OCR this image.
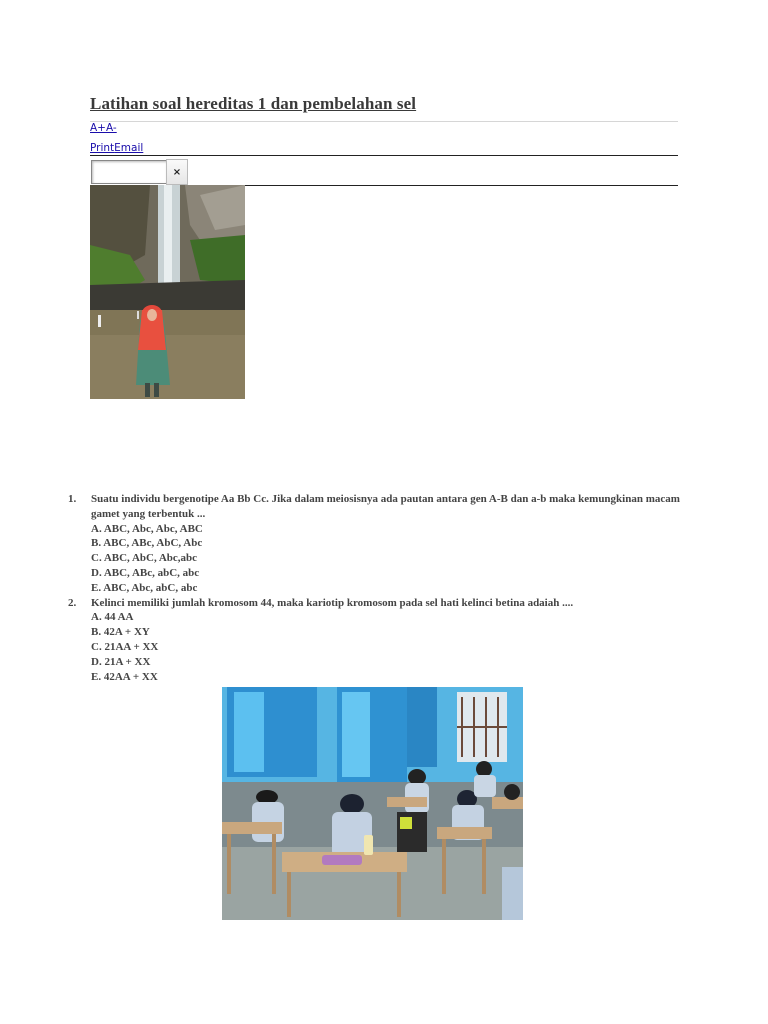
Latihan soal hereditas 1 dan pembelahan sel
A+A-
PrintEmail
×
1.	Suatu individu bergenotipe Aa Bb Cc. Jika dalam meiosisnya ada pautan antara gen A-B dan a-b maka kemungkinan macam gamet yang terbentuk ...
A. ABC, Abc, Abc, ABC
B. ABC, ABc, AbC, Abc
C. ABC, AbC, Abc,abc
D. ABC, ABc, abC, abc
E. ABC, Abc, abC, abc
2.	Kelinci memiliki jumlah kromosom 44, maka kariotip kromosom pada sel hati kelinci betina adaiah ....
A. 44 AA
B. 42A + XY
C. 21AA + XX
D. 21A + XX
E. 42AA + XX
